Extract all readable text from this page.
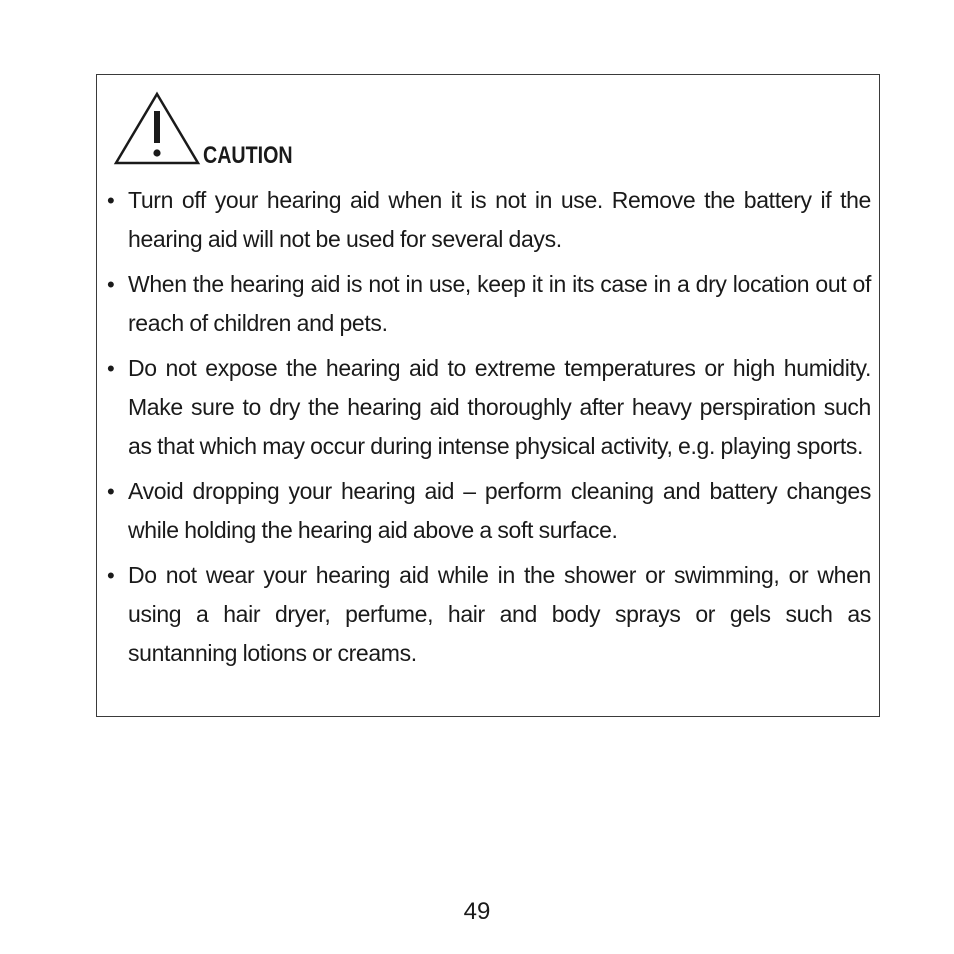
CAUTION
• Turn off your hearing aid when it is not in use. Remove the battery if the hearing aid will not be used for several days.
• When the hearing aid is not in use, keep it in its case in a dry location out of reach of children and pets.
• Do not expose the hearing aid to extreme temperatures or high humidity. Make sure to dry the hearing aid thoroughly after heavy perspiration such as that which may occur during intense physical activity, e.g. playing sports.
• Avoid dropping your hearing aid – perform cleaning and battery changes while holding the hearing aid above a soft surface.
• Do not wear your hearing aid while in the shower or swimming, or when using a hair dryer, perfume, hair and body sprays or gels such as suntanning lotions or creams.
49
